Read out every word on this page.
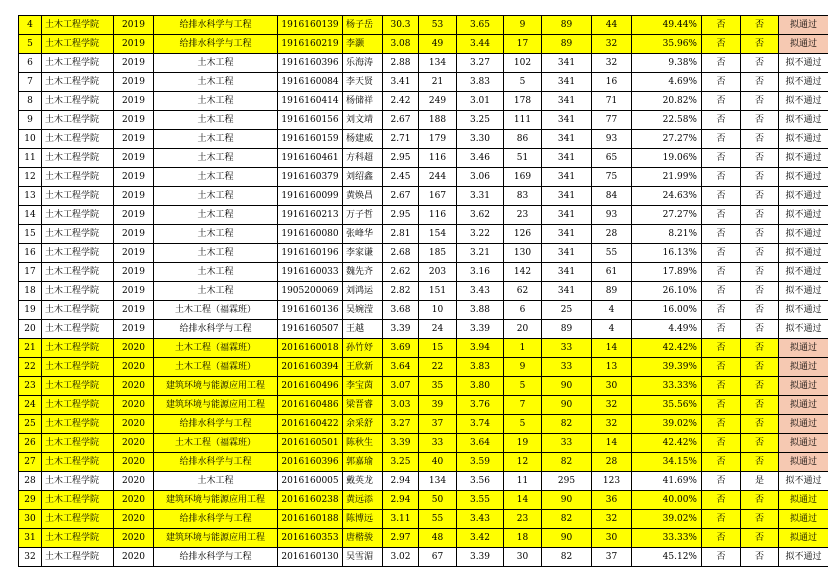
4	土木工程学院	2019	给排水科学与工程	1916160139	杨子岳	30.3	53	3.65	9	89	44	49.44%	否	否	拟通过
5	土木工程学院	2019	给排水科学与工程	1916160219	李灏	3.08	49	3.44	17	89	32	35.96%	否	否	拟通过
6	土木工程学院	2019	土木工程	1916160396	乐海涛	2.88	134	3.27	102	341	32	9.38%	否	否	拟不通过
7	土木工程学院	2019	土木工程	1916160084	李天贤	3.41	21	3.83	5	341	16	4.69%	否	否	拟不通过
8	土木工程学院	2019	土木工程	1916160414	杨储祥	2.42	249	3.01	178	341	71	20.82%	否	否	拟不通过
9	土木工程学院	2019	土木工程	1916160156	刘文靖	2.67	188	3.25	111	341	77	22.58%	否	否	拟不通过
10	土木工程学院	2019	土木工程	1916160159	杨建威	2.71	179	3.30	86	341	93	27.27%	否	否	拟不通过
11	土木工程学院	2019	土木工程	1916160461	方科超	2.95	116	3.46	51	341	65	19.06%	否	否	拟不通过
12	土木工程学院	2019	土木工程	1916160379	刘绍鑫	2.45	244	3.06	169	341	75	21.99%	否	否	拟不通过
13	土木工程学院	2019	土木工程	1916160099	黄焕昌	2.67	167	3.31	83	341	84	24.63%	否	否	拟不通过
14	土木工程学院	2019	土木工程	1916160213	万子哲	2.95	116	3.62	23	341	93	27.27%	否	否	拟不通过
15	土木工程学院	2019	土木工程	1916160080	张峰华	2.81	154	3.22	126	341	28	8.21%	否	否	拟不通过
16	土木工程学院	2019	土木工程	1916160196	李家谦	2.68	185	3.21	130	341	55	16.13%	否	否	拟不通过
17	土木工程学院	2019	土木工程	1916160033	魏先齐	2.62	203	3.16	142	341	61	17.89%	否	否	拟不通过
18	土木工程学院	2019	土木工程	1905200069	刘鸿运	2.82	151	3.43	62	341	89	26.10%	否	否	拟不通过
19	土木工程学院	2019	土木工程（福霖班）	1916160136	吴婉滢	3.68	10	3.88	6	25	4	16.00%	否	否	拟不通过
20	土木工程学院	2019	给排水科学与工程	1916160507	王越	3.39	24	3.39	20	89	4	4.49%	否	否	拟不通过
21	土木工程学院	2020	土木工程（福霖班）	2016160018	孙竹妤	3.69	15	3.94	1	33	14	42.42%	否	否	拟通过
22	土木工程学院	2020	土木工程（福霖班）	2016160394	王欣新	3.64	22	3.83	9	33	13	39.39%	否	否	拟通过
23	土木工程学院	2020	建筑环境与能源应用工程	2016160496	李宝茵	3.07	35	3.80	5	90	30	33.33%	否	否	拟通过
24	土木工程学院	2020	建筑环境与能源应用工程	2016160486	梁晋睿	3.03	39	3.76	7	90	32	35.56%	否	否	拟通过
25	土木工程学院	2020	给排水科学与工程	2016160422	余采舒	3.27	37	3.74	5	82	32	39.02%	否	否	拟通过
26	土木工程学院	2020	土木工程（福霖班）	2016160501	陈秋生	3.39	33	3.64	19	33	14	42.42%	否	否	拟通过
27	土木工程学院	2020	给排水科学与工程	2016160396	郭嘉瑜	3.25	40	3.59	12	82	28	34.15%	否	否	拟通过
28	土木工程学院	2020	土木工程	2016160005	戴英龙	2.94	134	3.56	11	295	123	41.69%	否	是	拟不通过
29	土木工程学院	2020	建筑环境与能源应用工程	2016160238	黄远添	2.94	50	3.55	14	90	36	40.00%	否	否	拟通过
30	土木工程学院	2020	给排水科学与工程	2016160188	陈博远	3.11	55	3.43	23	82	32	39.02%	否	否	拟通过
31	土木工程学院	2020	建筑环境与能源应用工程	2016160353	唐楷骏	2.97	48	3.42	18	90	30	33.33%	否	否	拟通过
32	土木工程学院	2020	给排水科学与工程	2016160130	吴雪湄	3.02	67	3.39	30	82	37	45.12%	否	否	拟不通过
